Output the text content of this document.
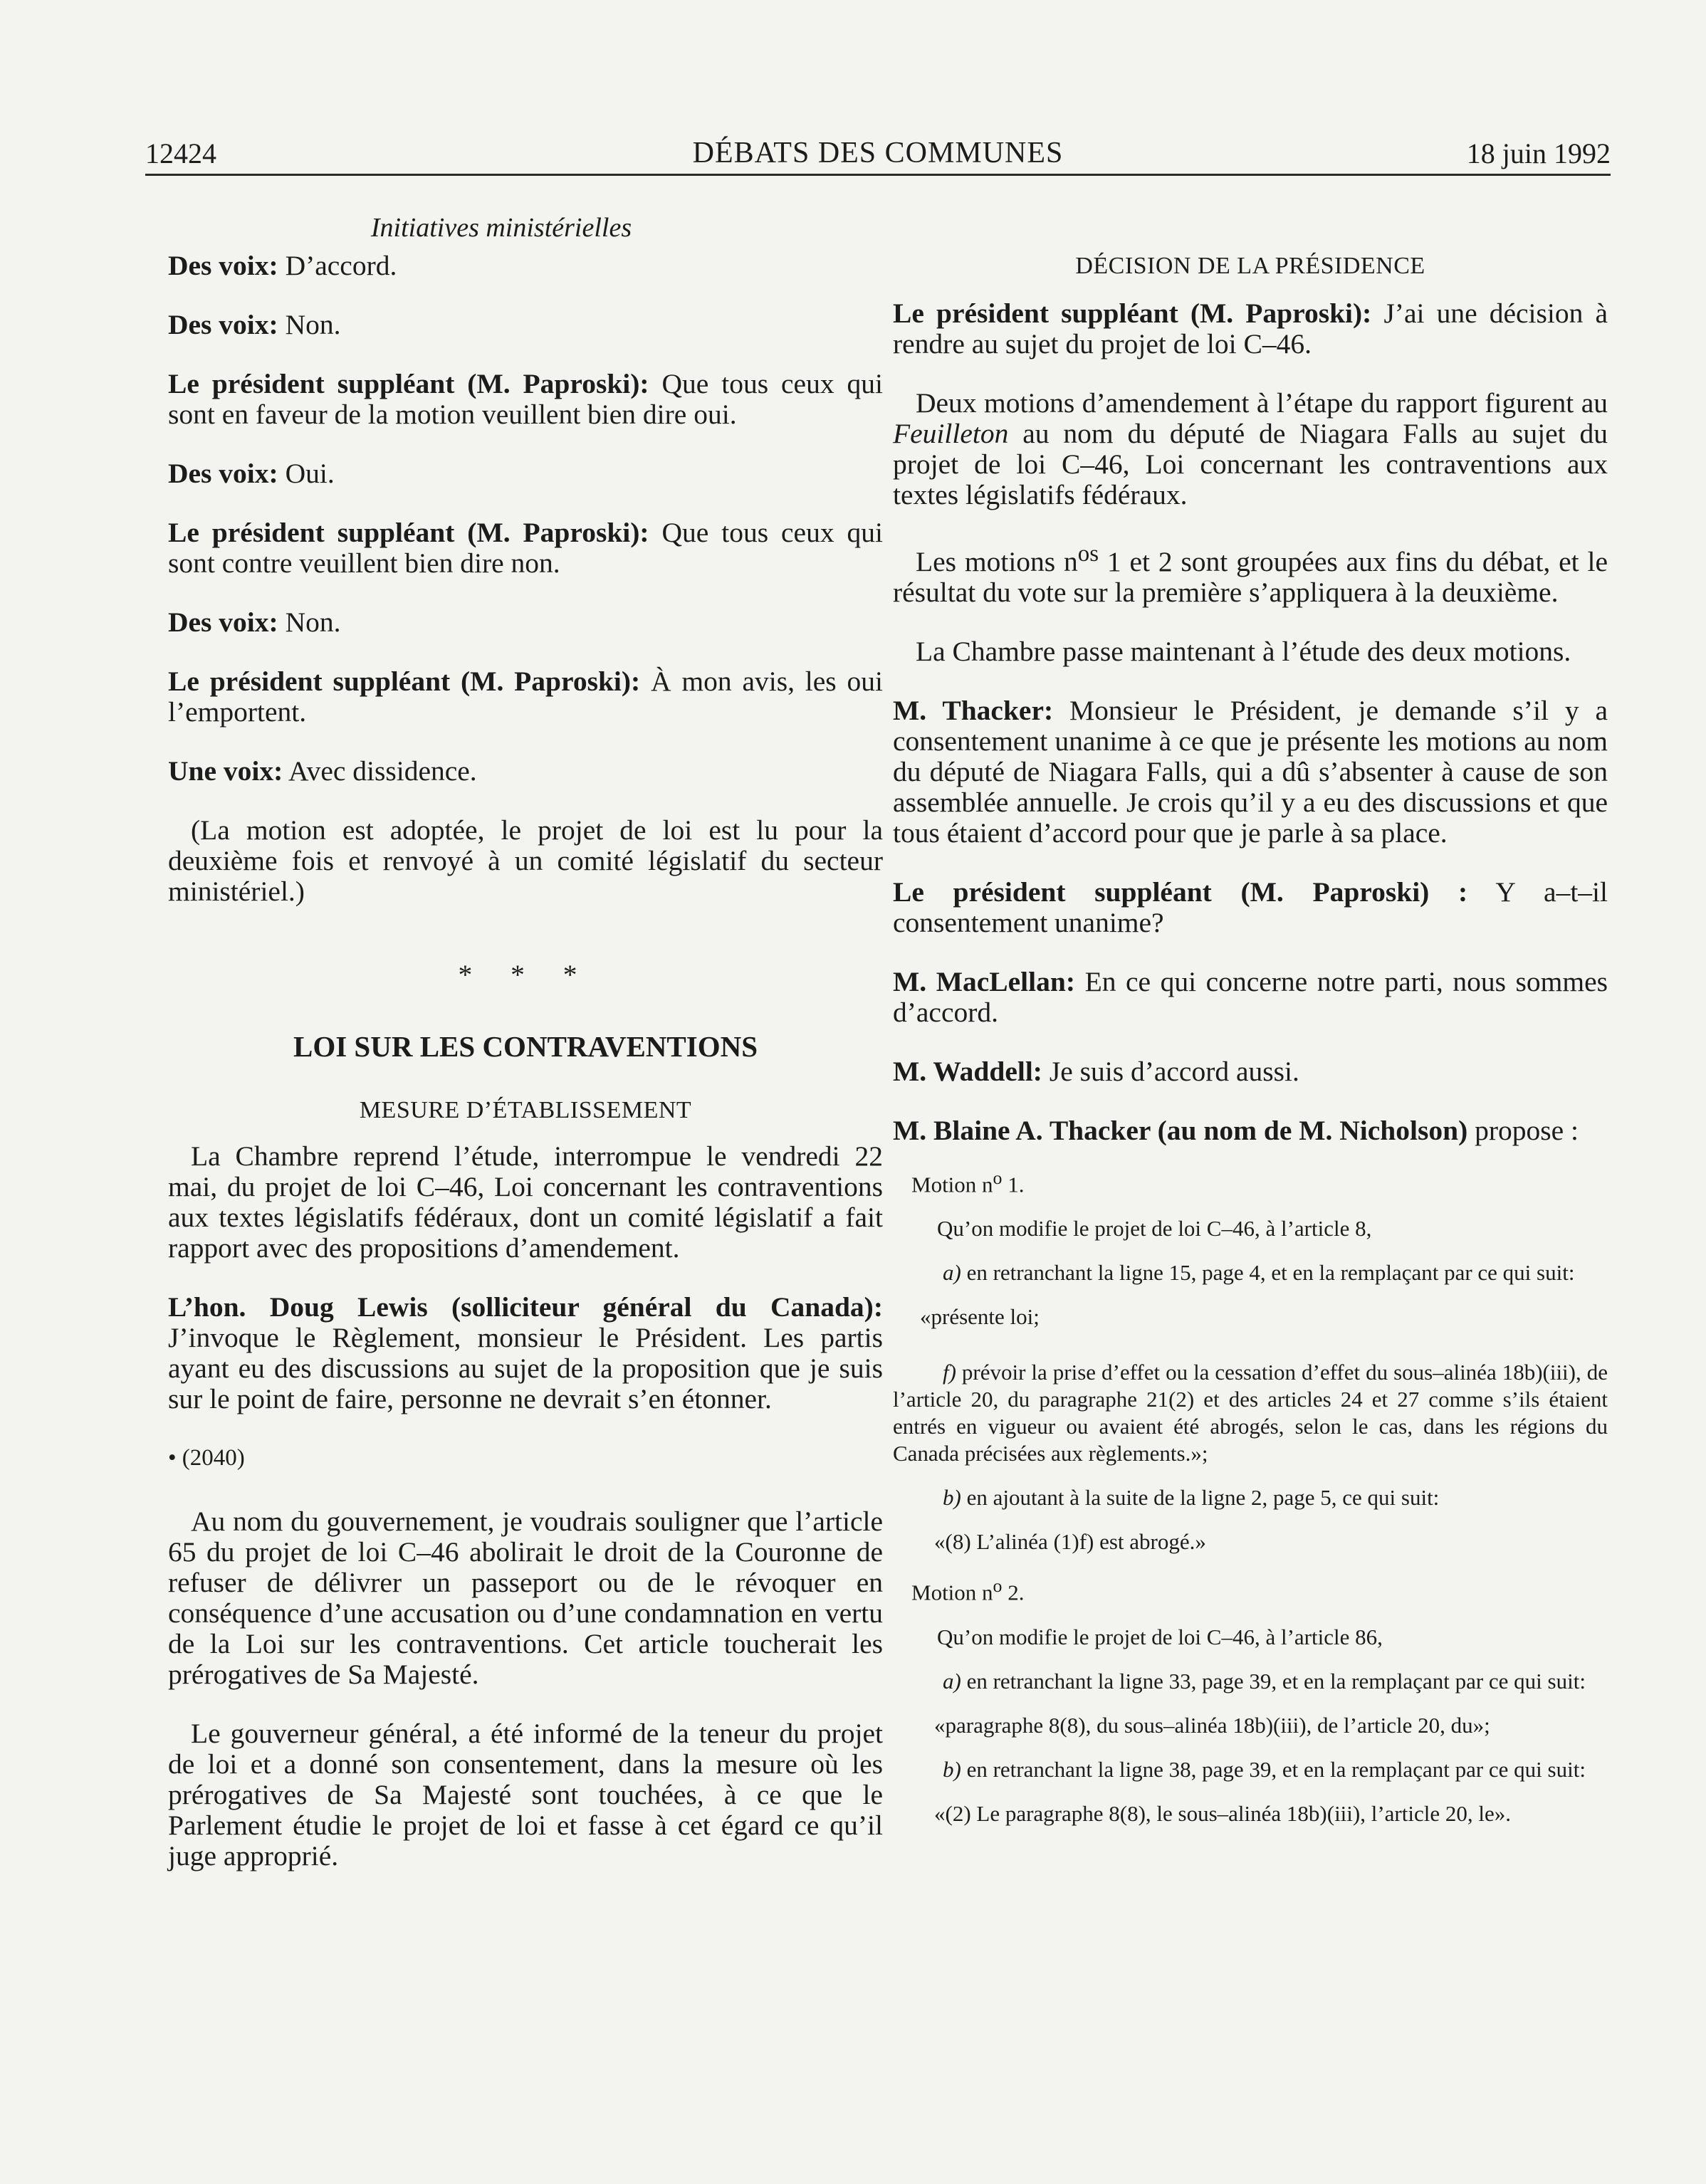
12424	DÉBATS DES COMMUNES	18 juin 1992
Initiatives ministérielles

Des voix: D’accord.

Des voix: Non.

Le président suppléant (M. Paproski): Que tous ceux qui sont en faveur de la motion veuillent bien dire oui.

Des voix: Oui.

Le président suppléant (M. Paproski): Que tous ceux qui sont contre veuillent bien dire non.

Des voix: Non.

Le président suppléant (M. Paproski): À mon avis, les oui l’emportent.

Une voix: Avec dissidence.

(La motion est adoptée, le projet de loi est lu pour la deuxième fois et renvoyé à un comité législatif du secteur ministériel.)

* * *

LOI SUR LES CONTRAVENTIONS

MESURE D’ÉTABLISSEMENT

La Chambre reprend l’étude, interrompue le vendredi 22 mai, du projet de loi C–46, Loi concernant les contraventions aux textes législatifs fédéraux, dont un comité législatif a fait rapport avec des propositions d’amendement.

L’hon. Doug Lewis (solliciteur général du Canada): J’invoque le Règlement, monsieur le Président. Les partis ayant eu des discussions au sujet de la proposition que je suis sur le point de faire, personne ne devrait s’en étonner.

• (2040)

Au nom du gouvernement, je voudrais souligner que l’article 65 du projet de loi C–46 abolirait le droit de la Couronne de refuser de délivrer un passeport ou de le révoquer en conséquence d’une accusation ou d’une condamnation en vertu de la Loi sur les contraventions. Cet article toucherait les prérogatives de Sa Majesté.

Le gouverneur général, a été informé de la teneur du projet de loi et a donné son consentement, dans la mesure où les prérogatives de Sa Majesté sont touchées, à ce que le Parlement étudie le projet de loi et fasse à cet égard ce qu’il juge approprié.

DÉCISION DE LA PRÉSIDENCE

Le président suppléant (M. Paproski): J’ai une décision à rendre au sujet du projet de loi C–46.

Deux motions d’amendement à l’étape du rapport figurent au Feuilleton au nom du député de Niagara Falls au sujet du projet de loi C–46, Loi concernant les contraventions aux textes législatifs fédéraux.

Les motions $n^{os}$ 1 et 2 sont groupées aux fins du débat, et le résultat du vote sur la première s’appliquera à la deuxième.

La Chambre passe maintenant à l’étude des deux motions.

M. Thacker: Monsieur le Président, je demande s’il y a consentement unanime à ce que je présente les motions au nom du député de Niagara Falls, qui a dû s’absenter à cause de son assemblée annuelle. Je crois qu’il y a eu des discussions et que tous étaient d’accord pour que je parle à sa place.

Le président suppléant (M. Paproski) : Y a–t–il consentement unanime?

M. MacLellan: En ce qui concerne notre parti, nous sommes d’accord.

M. Waddell: Je suis d’accord aussi.

M. Blaine A. Thacker (au nom de M. Nicholson) propose :

Motion $n^o$ 1.

Qu’on modifie le projet de loi C–46, à l’article 8,

a) en retranchant la ligne 15, page 4, et en la remplaçant par ce qui suit:

«présente loi;

f) prévoir la prise d’effet ou la cessation d’effet du sous–alinéa 18b)(iii), de l’article 20, du paragraphe 21(2) et des articles 24 et 27 comme s’ils étaient entrés en vigueur ou avaient été abrogés, selon le cas, dans les régions du Canada précisées aux règlements.»;

b) en ajoutant à la suite de la ligne 2, page 5, ce qui suit:

«(8) L’alinéa (1)f) est abrogé.»

Motion $n^o$ 2.

Qu’on modifie le projet de loi C–46, à l’article 86,

a) en retranchant la ligne 33, page 39, et en la remplaçant par ce qui suit:

«paragraphe 8(8), du sous–alinéa 18b)(iii), de l’article 20, du»;

b) en retranchant la ligne 38, page 39, et en la remplaçant par ce qui suit:

«(2) Le paragraphe 8(8), le sous–alinéa 18b)(iii), l’article 20, le».
